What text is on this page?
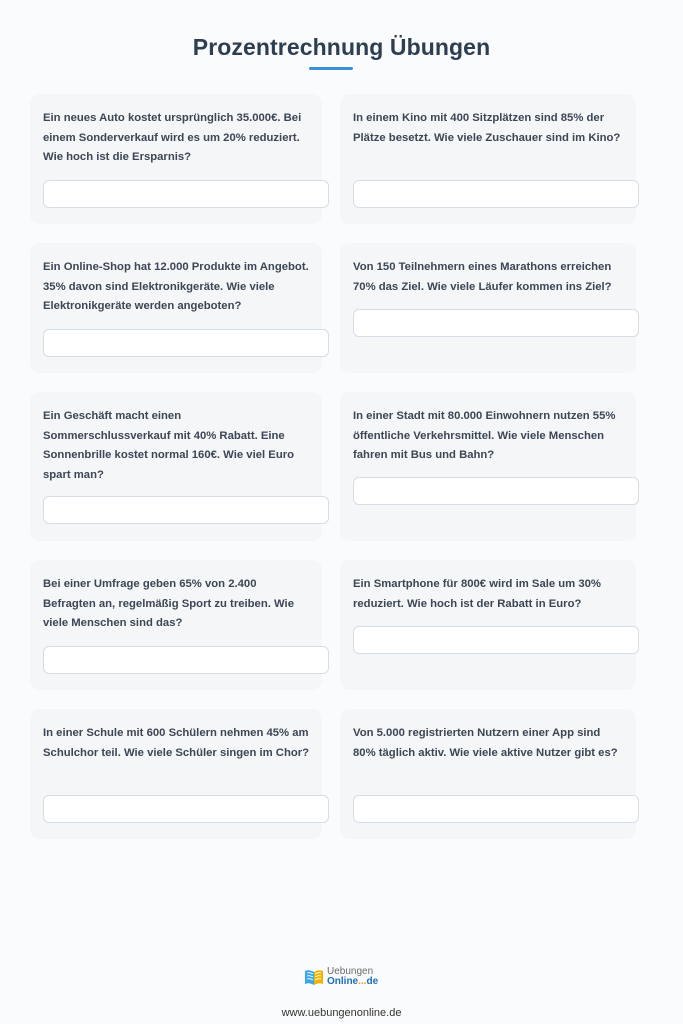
Prozentrechnung Übungen

Ein neues Auto kostet ursprünglich 35.000€. Bei einem Sonderverkauf wird es um 20% reduziert. Wie hoch ist die Ersparnis?

In einem Kino mit 400 Sitzplätzen sind 85% der Plätze besetzt. Wie viele Zuschauer sind im Kino?

Ein Online-Shop hat 12.000 Produkte im Angebot. 35% davon sind Elektronikgeräte. Wie viele Elektronikgeräte werden angeboten?

Von 150 Teilnehmern eines Marathons erreichen 70% das Ziel. Wie viele Läufer kommen ins Ziel?

Ein Geschäft macht einen Sommerschlussverkauf mit 40% Rabatt. Eine Sonnenbrille kostet normal 160€. Wie viel Euro spart man?

In einer Stadt mit 80.000 Einwohnern nutzen 55% öffentliche Verkehrsmittel. Wie viele Menschen fahren mit Bus und Bahn?

Bei einer Umfrage geben 65% von 2.400 Befragten an, regelmäßig Sport zu treiben. Wie viele Menschen sind das?

Ein Smartphone für 800€ wird im Sale um 30% reduziert. Wie hoch ist der Rabatt in Euro?

In einer Schule mit 600 Schülern nehmen 45% am Schulchor teil. Wie viele Schüler singen im Chor?

Von 5.000 registrierten Nutzern einer App sind 80% täglich aktiv. Wie viele aktive Nutzer gibt es?

Uebungen
Online...de
www.uebungenonline.de
